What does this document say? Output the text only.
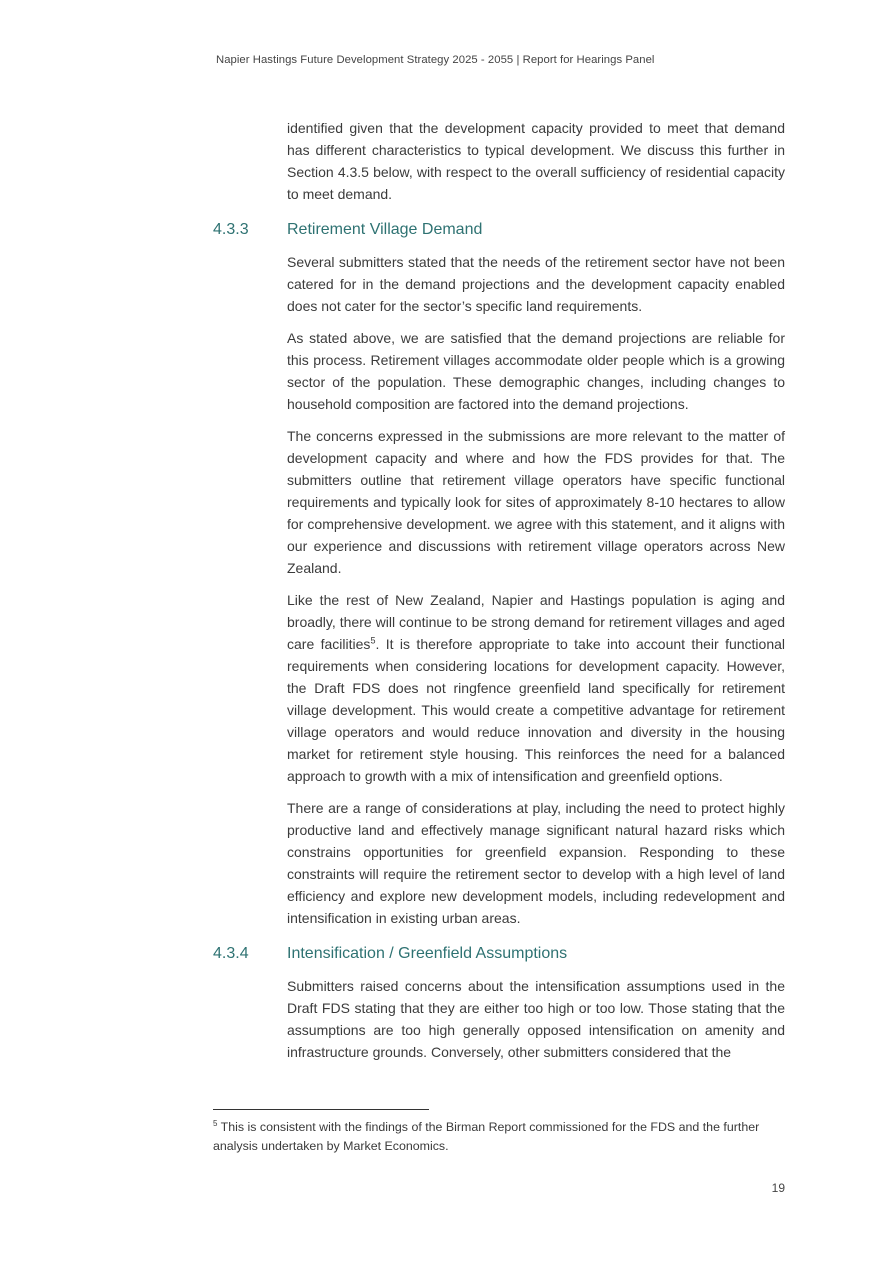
Napier Hastings Future Development Strategy 2025 - 2055 | Report for Hearings Panel

identified given that the development capacity provided to meet that demand has different characteristics to typical development. We discuss this further in Section 4.3.5 below, with respect to the overall sufficiency of residential capacity to meet demand.

4.3.3 Retirement Village Demand

Several submitters stated that the needs of the retirement sector have not been catered for in the demand projections and the development capacity enabled does not cater for the sector’s specific land requirements.

As stated above, we are satisfied that the demand projections are reliable for this process. Retirement villages accommodate older people which is a growing sector of the population. These demographic changes, including changes to household composition are factored into the demand projections.

The concerns expressed in the submissions are more relevant to the matter of development capacity and where and how the FDS provides for that. The submitters outline that retirement village operators have specific functional requirements and typically look for sites of approximately 8-10 hectares to allow for comprehensive development. we agree with this statement, and it aligns with our experience and discussions with retirement village operators across New Zealand.

Like the rest of New Zealand, Napier and Hastings population is aging and broadly, there will continue to be strong demand for retirement villages and aged care facilities$^5$. It is therefore appropriate to take into account their functional requirements when considering locations for development capacity. However, the Draft FDS does not ringfence greenfield land specifically for retirement village development. This would create a competitive advantage for retirement village operators and would reduce innovation and diversity in the housing market for retirement style housing. This reinforces the need for a balanced approach to growth with a mix of intensification and greenfield options.

There are a range of considerations at play, including the need to protect highly productive land and effectively manage significant natural hazard risks which constrains opportunities for greenfield expansion. Responding to these constraints will require the retirement sector to develop with a high level of land efficiency and explore new development models, including redevelopment and intensification in existing urban areas.

4.3.4 Intensification / Greenfield Assumptions

Submitters raised concerns about the intensification assumptions used in the Draft FDS stating that they are either too high or too low. Those stating that the assumptions are too high generally opposed intensification on amenity and infrastructure grounds. Conversely, other submitters considered that the

$^5$ This is consistent with the findings of the Birman Report commissioned for the FDS and the further analysis undertaken by Market Economics.
19
